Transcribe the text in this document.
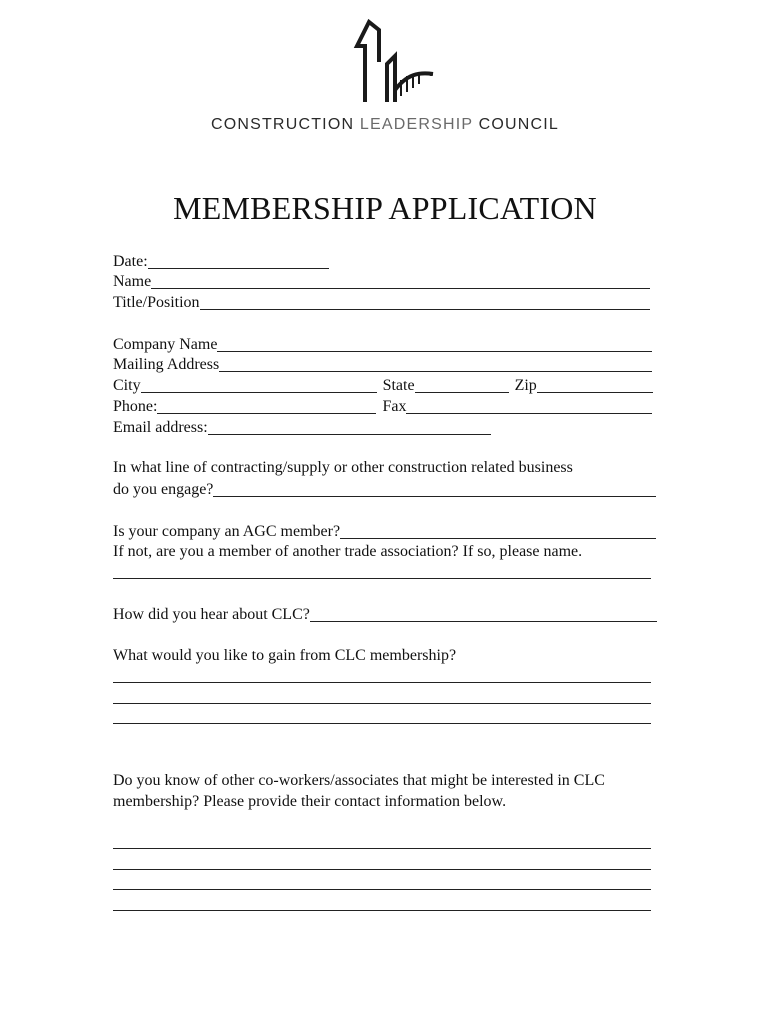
CONSTRUCTION LEADERSHIP COUNCIL
MEMBERSHIP APPLICATION
Date:
Name
Title/Position
Company Name
Mailing Address
City	State	Zip
Phone:	Fax
Email address:
In what line of contracting/supply or other construction related business
do you engage?
Is your company an AGC member?
If not, are you a member of another trade association? If so, please name.
How did you hear about CLC?
What would you like to gain from CLC membership?
Do you know of other co-workers/associates that might be interested in CLC
membership? Please provide their contact information below.
